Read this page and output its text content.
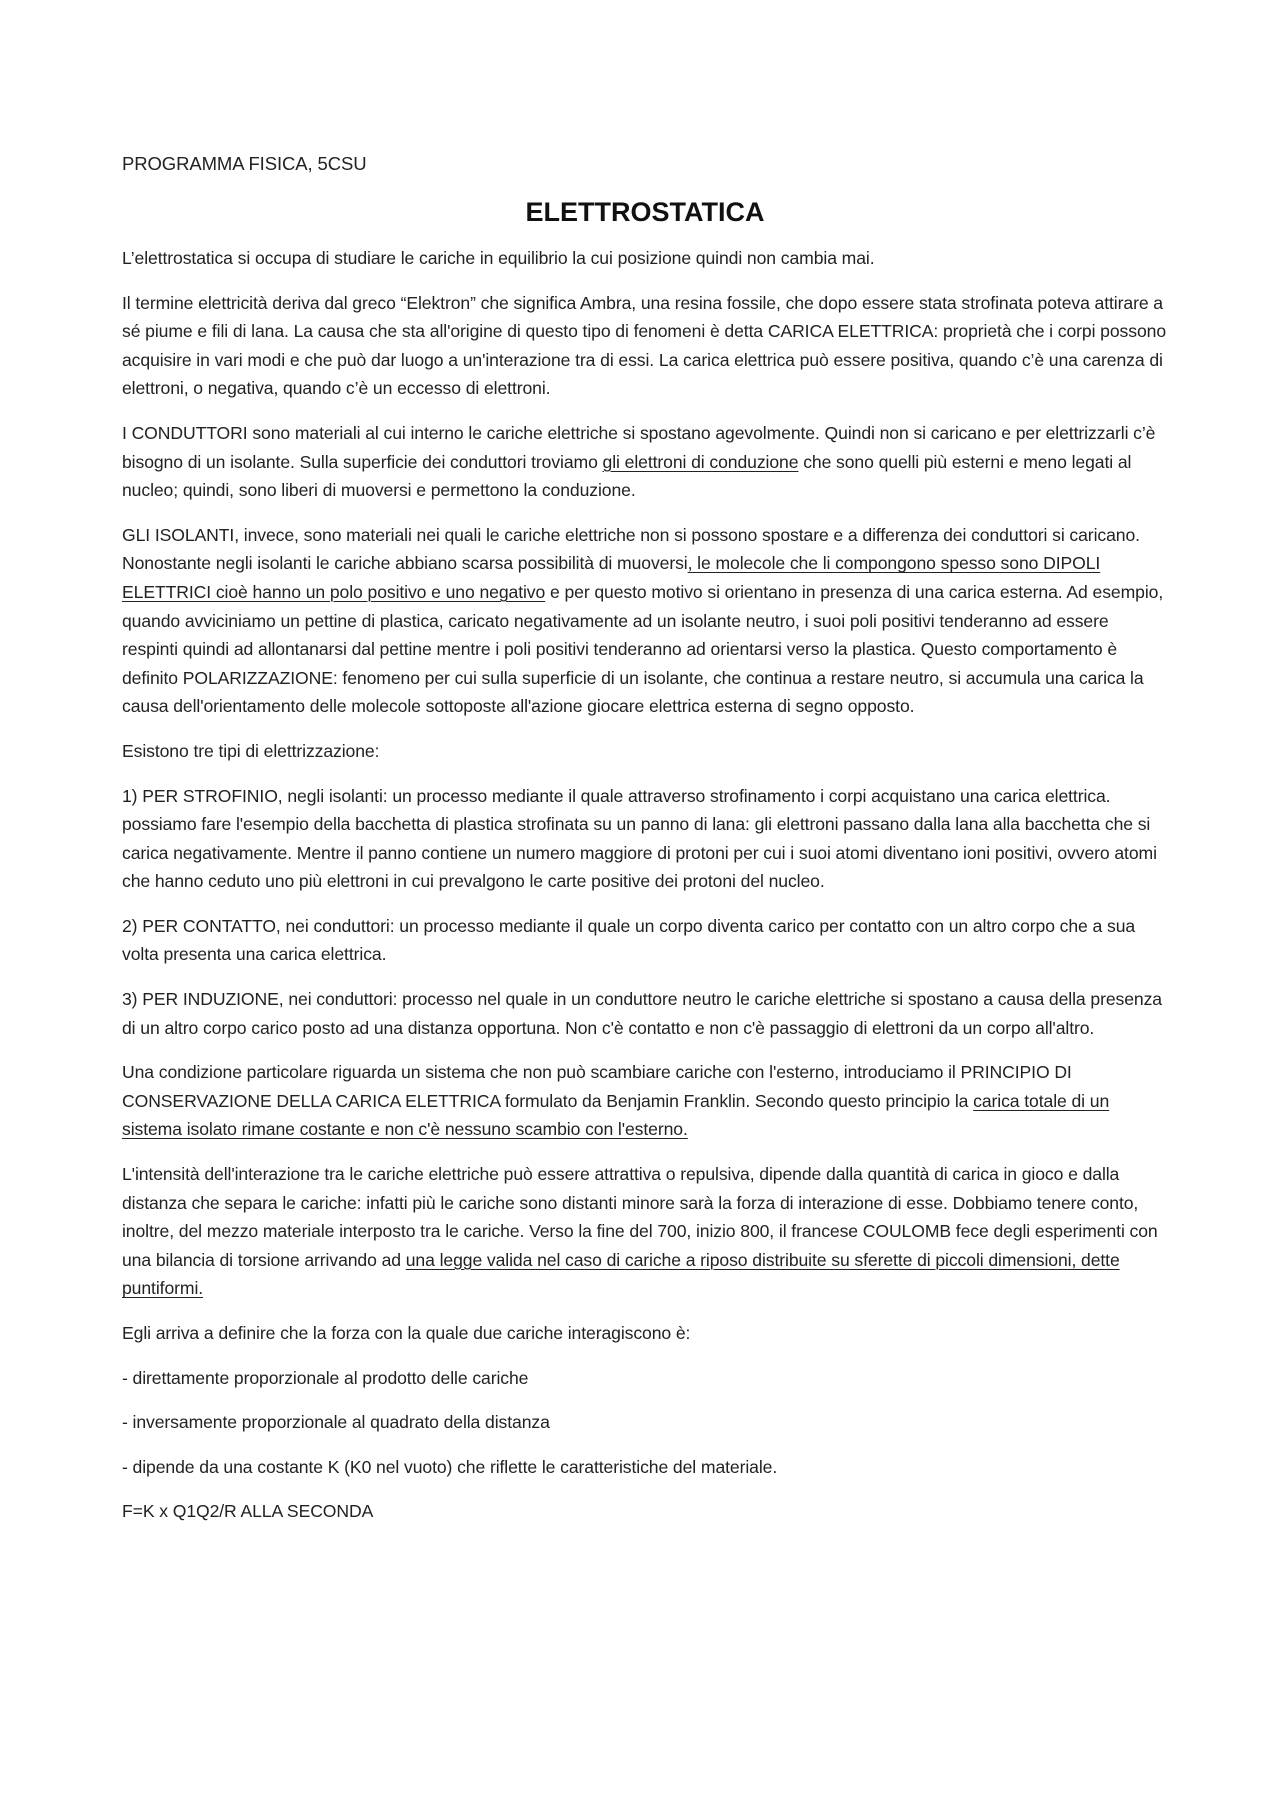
PROGRAMMA FISICA, 5CSU

ELETTROSTATICA

L’elettrostatica si occupa di studiare le cariche in equilibrio la cui posizione quindi non cambia mai.

Il termine elettricità deriva dal greco “Elektron” che significa Ambra, una resina fossile, che dopo essere stata strofinata poteva attirare a sé piume e fili di lana. La causa che sta all'origine di questo tipo di fenomeni è detta CARICA ELETTRICA: proprietà che i corpi possono acquisire in vari modi e che può dar luogo a un'interazione tra di essi. La carica elettrica può essere positiva, quando c’è una carenza di elettroni, o negativa, quando c’è un eccesso di elettroni.

I CONDUTTORI sono materiali al cui interno le cariche elettriche si spostano agevolmente. Quindi non si caricano e per elettrizzarli c’è bisogno di un isolante. Sulla superficie dei conduttori troviamo gli elettroni di conduzione che sono quelli più esterni e meno legati al nucleo; quindi, sono liberi di muovers​i e permettono la conduzione.

GLI ISOLANTI, invece, sono materiali nei quali le cariche elettriche non si possono spostare e a differenza dei conduttori si caricano. Nonostante negli isolanti le cariche abbiano scarsa possibilità di muoversi, le molecole che li compongono spesso sono DIPOLI ELETTRICI cioè hanno un polo positivo e uno negativo e per questo motivo si orientano in presenza di una carica esterna. Ad esempio, quando avviciniamo un pettine di plastica, caricato negativamente ad un isolante neutro, i suoi poli positivi tenderanno ad essere respinti quindi ad allontanarsi dal pettine mentre i poli positivi tenderanno ad orientarsi verso la plastica. Questo comportamento è definito POLARIZZAZIONE: fenomeno per cui sulla superficie di un isolante, che continua a restare neutro, si accumula una carica la causa dell'orientamento delle molecole sottoposte all'azione giocare elettrica esterna di segno opposto.

Esistono tre tipi di elettrizzazione:

1) PER STROFINIO, negli isolanti: un processo mediante il quale attraverso strofinamento i corpi acquistano una carica elettrica. possiamo fare l'esempio della bacchetta di plastica strofinata su un panno di lana: gli elettroni passano dalla lana alla bacchetta che si carica negativamente. Mentre il panno contiene un numero maggiore di protoni per cui i suoi atomi diventano ioni positivi, ovvero atomi che hanno ceduto uno più elettroni in cui prevalgono le carte positive dei protoni del nucleo.

2) PER CONTATTO, nei conduttori: un processo mediante il quale un corpo diventa carico per contatto con un altro corpo che a sua volta presenta una carica elettrica.

3) PER INDUZIONE, nei conduttori: processo nel quale in un conduttore neutro le cariche elettriche si spostano a causa della presenza di un altro corpo carico posto ad una distanza opportuna. Non c'è contatto e non c'è passaggio di elettroni da un corpo all'altro.

Una condizione particolare riguarda un sistema che non può scambiare cariche con l'esterno, introduciamo il PRINCIPIO DI CONSERVAZIONE DELLA CARICA ELETTRICA formulato da Benjamin Franklin. Secondo questo principio la carica totale di un sistema isolato rimane costante e non c'è nessuno scambio con l'esterno.

L'intensità dell'interazione tra le cariche elettriche può essere attrattiva o repulsiva, dipende dalla quantità di carica in gioco e dalla distanza che separa le cariche: infatti più le cariche sono distanti minore sarà la forza di interazione di esse. Dobbiamo tenere conto, inoltre, del mezzo materiale interposto tra le cariche. Verso la fine del 700, inizio 800, il francese COULOMB fece degli esperimenti con una bilancia di torsione arrivando ad una legge valida nel caso di cariche a riposo distribuite su sferette di piccoli dimensioni, dette puntiformi.

Egli arriva a definire che la forza con la quale due cariche interagiscono è:

- direttamente proporzionale al prodotto delle cariche

- inversamente proporzionale al quadrato della distanza

- dipende da una costante K (K0 nel vuoto) che riflette le caratteristiche del materiale.

F=K x Q1Q2/R ALLA SECONDA
